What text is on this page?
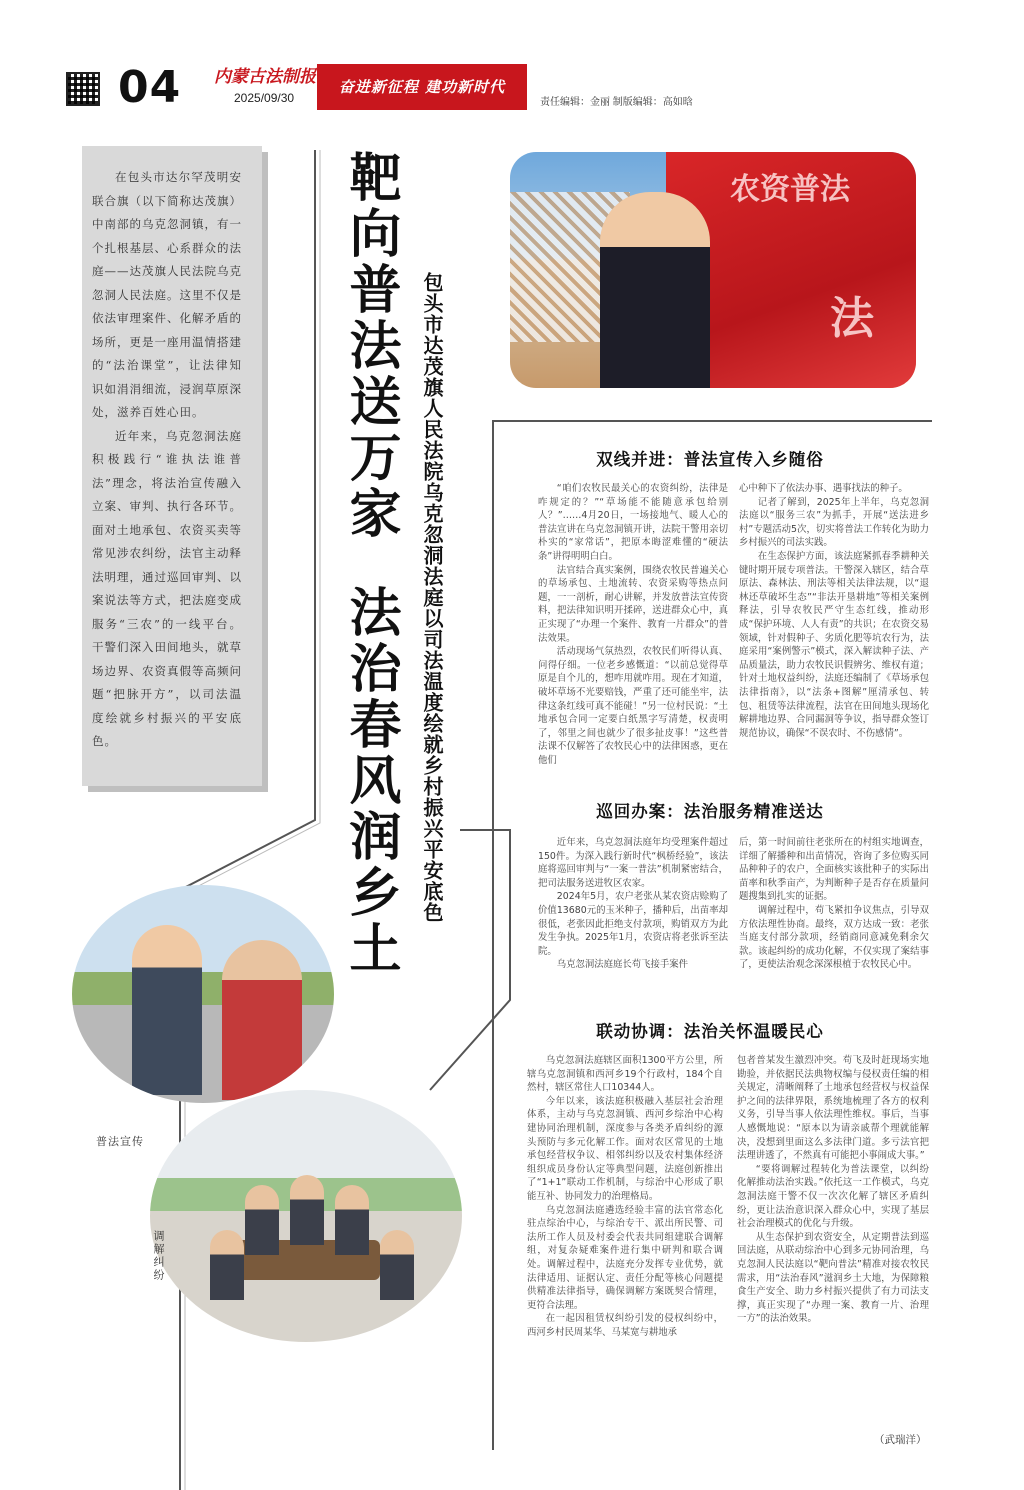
04 内蒙古法制报
2025/09/30
奋进新征程 建功新时代
责任编辑：金丽 制版编辑：高如晗

在包头市达尔罕茂明安联合旗（以下简称达茂旗）中南部的乌克忽洞镇，有一个扎根基层、心系群众的法庭——达茂旗人民法院乌克忽洞人民法庭。这里不仅是依法审理案件、化解矛盾的场所，更是一座用温情搭建的“法治课堂”，让法律知识如涓涓细流，浸润草原深处，滋养百姓心田。

近年来，乌克忽洞法庭积极践行“谁执法谁普法”理念，将法治宣传融入立案、审判、执行各环节。面对土地承包、农资买卖等常见涉农纠纷，法官主动释法明理，通过巡回审判、以案说法等方式，把法庭变成服务“三农”的一线平台。干警们深入田间地头，就草场边界、农资真假等高频问题“把脉开方”，以司法温度绘就乡村振兴的平安底色。

靶向普法送万家
法治春风润乡土 包头市达茂旗人民法院乌克忽洞法庭以司法温度绘就乡村振兴平安底色
农资普法
法
双线并进：普法宣传入乡随俗

“咱们农牧民最关心的农资纠纷，法律是咋规定的？”“草场能不能随意承包给别人？”……4月20日，一场接地气、暖人心的普法宣讲在乌克忽洞镇开讲，法院干警用亲切朴实的“家常话”，把原本晦涩难懂的“硬法条”讲得明明白白。

法官结合真实案例，围绕农牧民普遍关心的草场承包、土地流转、农资采购等热点问题，一一剖析，耐心讲解，并发放普法宣传资料，把法律知识明开揉碎，送进群众心中，真正实现了“办理一个案件、教育一片群众”的普法效果。

活动现场气氛热烈，农牧民们听得认真、问得仔细。一位老乡感慨道：“以前总觉得草原是自个儿的，想咋用就咋用。现在才知道，破坏草场不光要赔钱，严重了还可能坐牢，法律这条红线可真不能碰！”另一位村民说：“土地承包合同一定要白纸黑字写清楚，权责明了，邻里之间也就少了很多扯皮事！”这些普法课不仅解答了农牧民心中的法律困惑，更在他们

心中种下了依法办事、遇事找法的种子。

记者了解到，2025年上半年，乌克忽洞法庭以“服务三农”为抓手，开展“送法进乡村”专题活动5次，切实将普法工作转化为助力乡村振兴的司法实践。

在生态保护方面，该法庭紧抓春季耕种关键时期开展专项普法。干警深入辖区，结合草原法、森林法、刑法等相关法律法规，以“退林还草破坏生态”“非法开垦耕地”等相关案例释法，引导农牧民严守生态红线，推动形成“保护环境、人人有责”的共识；在农资交易领域，针对假种子、劣质化肥等坑农行为，法庭采用“案例警示”模式，深入解读种子法、产品质量法，助力农牧民识假辨劣、维权有道；针对土地权益纠纷，法庭还编制了《草场承包法律指南》，以“法条+图解”厘清承包、转包、租赁等法律流程，法官在田间地头现场化解耕地边界、合同漏洞等争议，指导群众签订规范协议，确保“不误农时、不伤感情”。

巡回办案：法治服务精准送达

近年来，乌克忽洞法庭年均受理案件超过150件。为深入践行新时代“枫桥经验”，该法庭将巡回审判与“一案一普法”机制紧密结合，把司法服务送进牧区农家。

2024年5月，农户老张从某农资店赊购了价值13680元的玉米种子，播种后，出苗率却很低，老张因此拒绝支付款项，购销双方为此发生争执。2025年1月，农资店将老张诉至法院。

乌克忽洞法庭庭长苟飞接手案件

后，第一时间前往老张所在的村组实地调查，详细了解播种和出苗情况，咨询了多位购买同品种种子的农户，全面核实该批种子的实际出苗率和秋季亩产，为判断种子是否存在质量问题搜集到扎实的证据。

调解过程中，苟飞紧扣争议焦点，引导双方依法理性协商。最终，双方达成一致：老张当庭支付部分款项，经销商同意减免剩余欠款。该起纠纷的成功化解，不仅实现了案结事了，更使法治观念深深根植于农牧民心中。

联动协调：法治关怀温暖民心

乌克忽洞法庭辖区面积1300平方公里，所辖乌克忽洞镇和西河乡19个行政村，184个自然村，辖区常住人口10344人。

今年以来，该法庭积极融入基层社会治理体系，主动与乌克忽洞镇、西河乡综治中心构建协同治理机制，深度参与各类矛盾纠纷的源头预防与多元化解工作。面对农区常见的土地承包经营权争议、相邻纠纷以及农村集体经济组织成员身份认定等典型问题，法庭创新推出了“1+1”联动工作机制，与综治中心形成了职能互补、协同发力的治理格局。

乌克忽洞法庭遴选经验丰富的法官常态化驻点综治中心，与综治专干、派出所民警、司法所工作人员及村委会代表共同组建联合调解组，对复杂疑难案件进行集中研判和联合调处。调解过程中，法庭充分发挥专业优势，就法律适用、证据认定、责任分配等核心问题提供精准法律指导，确保调解方案既契合情理，更符合法理。

在一起因租赁权纠纷引发的侵权纠纷中，西河乡村民周某华、马某宽与耕地承

包者普某发生激烈冲突。苟飞及时赶现场实地勘验，并依据民法典物权编与侵权责任编的相关规定，清晰阐释了土地承包经营权与权益保护之间的法律界限，系统地梳理了各方的权利义务，引导当事人依法理性维权。事后，当事人感慨地说：“原本以为请亲戚帮个理就能解决，没想到里面这么多法律门道。多亏法官把法理讲透了，不然真有可能把小事闹成大事。”

“要将调解过程转化为普法课堂，以纠纷化解推动法治实践。”依托这一工作模式，乌克忽洞法庭干警不仅一次次化解了辖区矛盾纠纷，更让法治意识深入群众心中，实现了基层社会治理模式的优化与升级。

从生态保护到农资安全，从定期普法到巡回法庭，从联动综治中心到多元协同治理，乌克忽洞人民法庭以“靶向普法”精准对接农牧民需求，用“法治春风”滋润乡土大地，为保障粮食生产安全、助力乡村振兴提供了有力司法支撑，真正实现了“办理一案、教育一片、治理一方”的法治效果。

（武瑞洋）
普法宣传
调解纠纷
